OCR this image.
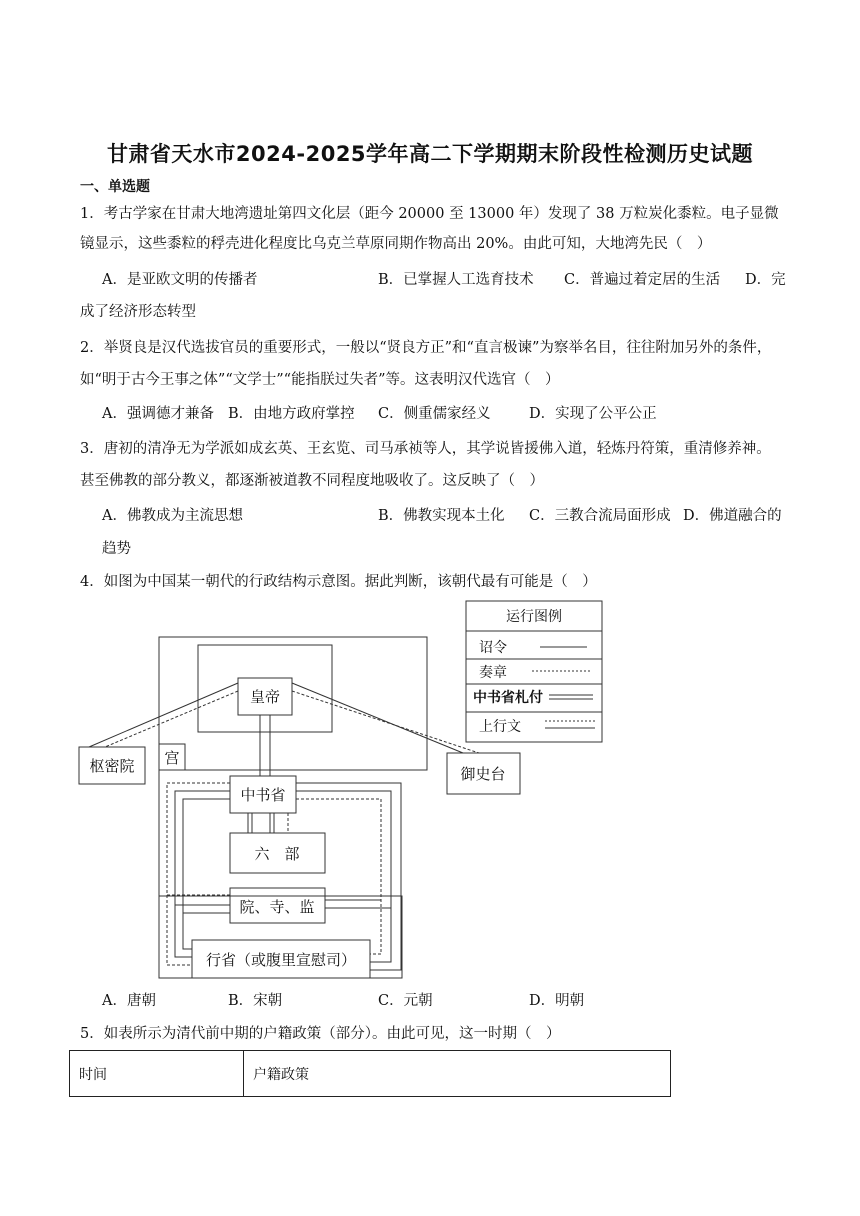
甘肃省天水市2024-2025学年高二下学期期末阶段性检测历史试题
一、单选题
1．考古学家在甘肃大地湾遗址第四文化层（距今 20000 至 13000 年）发现了 38 万粒炭化黍粒。电子显微
镜显示，这些黍粒的稃壳进化程度比乌克兰草原同期作物高出 20%。由此可知，大地湾先民（　）
A．是亚欧文明的传播者	B．已掌握人工选育技术 C．普遍过着定居的生活 D．完
成了经济形态转型
2．举贤良是汉代选拔官员的重要形式，一般以“贤良方正”和“直言极谏”为察举名目，往往附加另外的条件，
如“明于古今王事之体”“文学士”“能指朕过失者”等。这表明汉代选官（　）
A．强调德才兼备 B．由地方政府掌控 C．侧重儒家经义	D．实现了公平公正
3．唐初的清净无为学派如成玄英、王玄览、司马承祯等人，其学说皆援佛入道，轻炼丹符策，重清修养神。
甚至佛教的部分教义，都逐渐被道教不同程度地吸收了。这反映了（　）
A．佛教成为主流思想	B．佛教实现本土化 C．三教合流局面形成 D．佛道融合的
趋势
4．如图为中国某一朝代的行政结构示意图。据此判断，该朝代最有可能是（　）
皇帝
宫
枢密院	御史台
中书省
六　部
院、寺、监
行省（或腹里宣慰司）
运行图例
诏令
奏章
中书省札付
上行文
A．唐朝	B．宋朝	C．元朝	D．明朝
5．如表所示为清代前中期的户籍政策（部分）。由此可见，这一时期（　）
时间	户籍政策
